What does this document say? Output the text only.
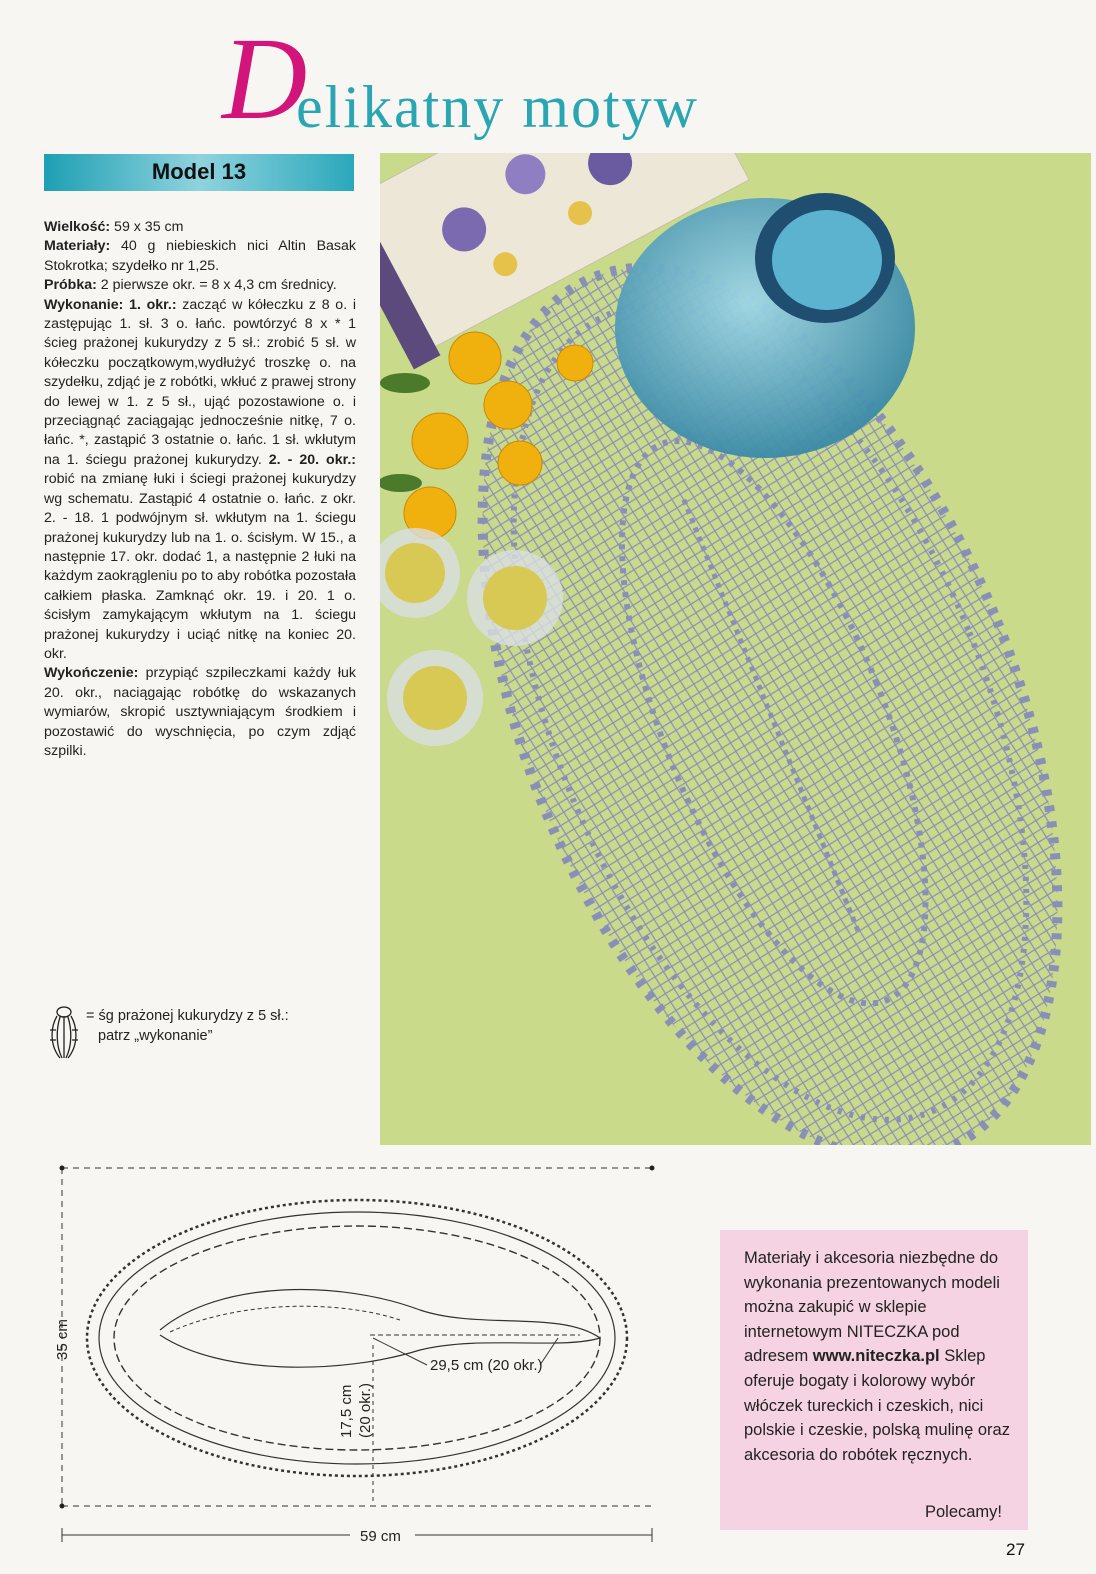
D
elikatny motyw
Model 13

Wielkość: 59 x 35 cm

Materiały: 40 g niebieskich nici Altin Basak Stokrotka; szydełko nr 1,25.

Próbka: 2 pierwsze okr. = 8 x 4,3 cm średnicy.

Wykonanie: 1. okr.: zacząć w kółeczku z 8 o. i zastępując 1. sł. 3 o. łańc. powtórzyć 8 x * 1 ścieg prażonej kukurydzy z 5 sł.: zrobić 5 sł. w kółeczku początkowym,wydłużyć troszkę o. na szydełku, zdjąć je z robótki, wkłuć z prawej strony do lewej w 1. z 5 sł., ująć pozostawione o. i przeciągnąć zaciągając jednocześnie nitkę, 7 o. łańc. *, zastąpić 3 ostatnie o. łańc. 1 sł. wkłutym na 1. ściegu prażonej kukurydzy. 2. - 20. okr.: robić na zmianę łuki i ściegi prażonej kukurydzy wg schematu. Zastąpić 4 ostatnie o. łańc. z okr. 2. - 18. 1 podwójnym sł. wkłutym na 1. ściegu prażonej kukurydzy lub na 1. o. ścisłym. W 15., a następnie 17. okr. dodać 1, a następnie 2 łuki na każdym zaokrągleniu po to aby robótka pozostała całkiem płaska. Zamknąć okr. 19. i 20. 1 o. ścisłym zamykającym wkłutym na 1. ściegu prażonej kukurydzy i uciąć nitkę na koniec 20. okr.

Wykończenie: przypiąć szpileczkami każdy łuk 20. okr., naciągając robótkę do wskazanych wymiarów, skropić usztywniającym środkiem i pozostawić do wyschnięcia, po czym zdjąć szpilki.

= śg prażonej kukurydzy z 5 sł.:
patrz „wykonanie”
59 cm
35 cm
29,5 cm (20 okr.)
17,5 cm (20 okr.)
Materiały i akcesoria niezbędne do wykonania prezentowanych modeli można zakupić w sklepie internetowym NITECZKA pod adresem www.niteczka.pl Sklep oferuje bogaty i kolorowy wybór włóczek tureckich i czeskich, nici polskie i czeskie, polską mulinę oraz akcesoria do robótek ręcznych.
Polecamy!
27
